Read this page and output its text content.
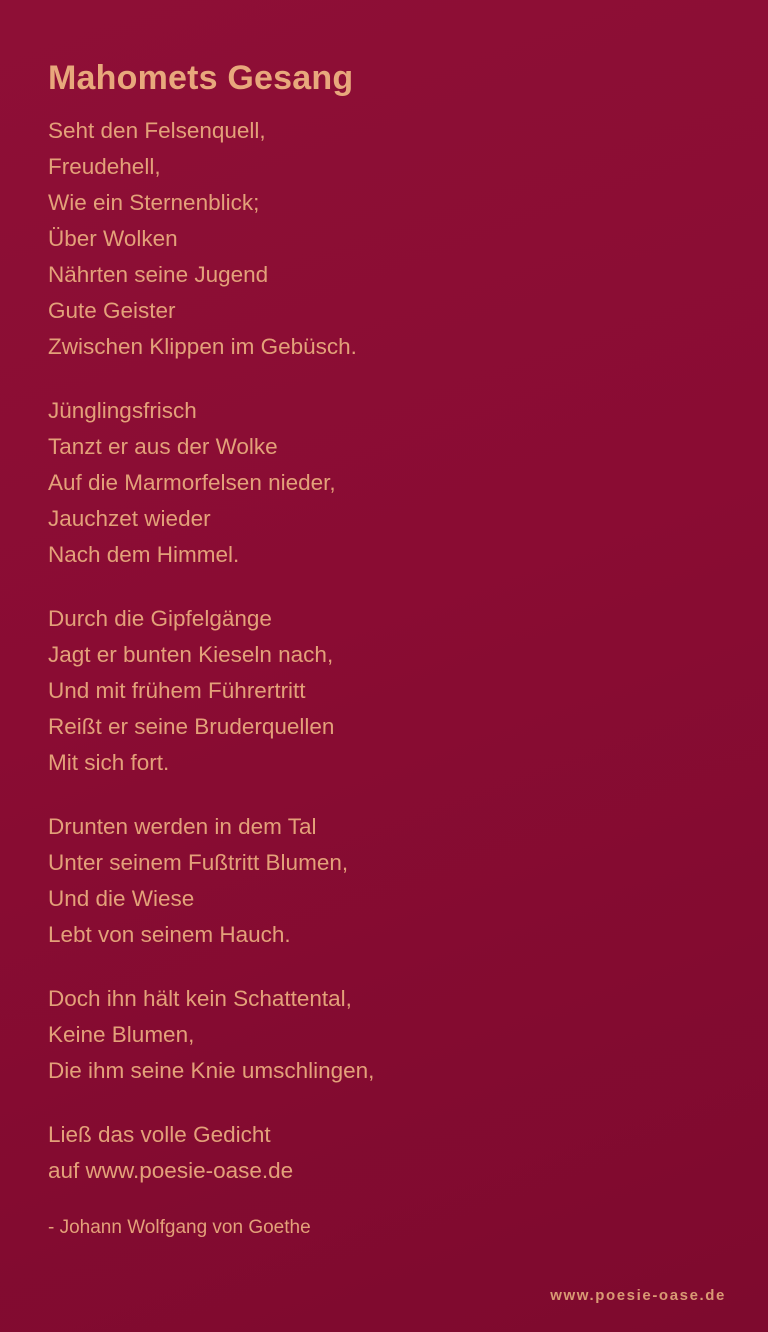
Mahomets Gesang
Seht den Felsenquell,
Freudehell,
Wie ein Sternenblick;
Über Wolken
Nährten seine Jugend
Gute Geister
Zwischen Klippen im Gebüsch.
Jünglingsfrisch
Tanzt er aus der Wolke
Auf die Marmorfelsen nieder,
Jauchzet wieder
Nach dem Himmel.
Durch die Gipfelgänge
Jagt er bunten Kieseln nach,
Und mit frühem Führertritt
Reißt er seine Bruderquellen
Mit sich fort.
Drunten werden in dem Tal
Unter seinem Fußtritt Blumen,
Und die Wiese
Lebt von seinem Hauch.
Doch ihn hält kein Schattental,
Keine Blumen,
Die ihm seine Knie umschlingen,
Ließ das volle Gedicht
auf www.poesie-oase.de
- Johann Wolfgang von Goethe
www.poesie-oase.de
